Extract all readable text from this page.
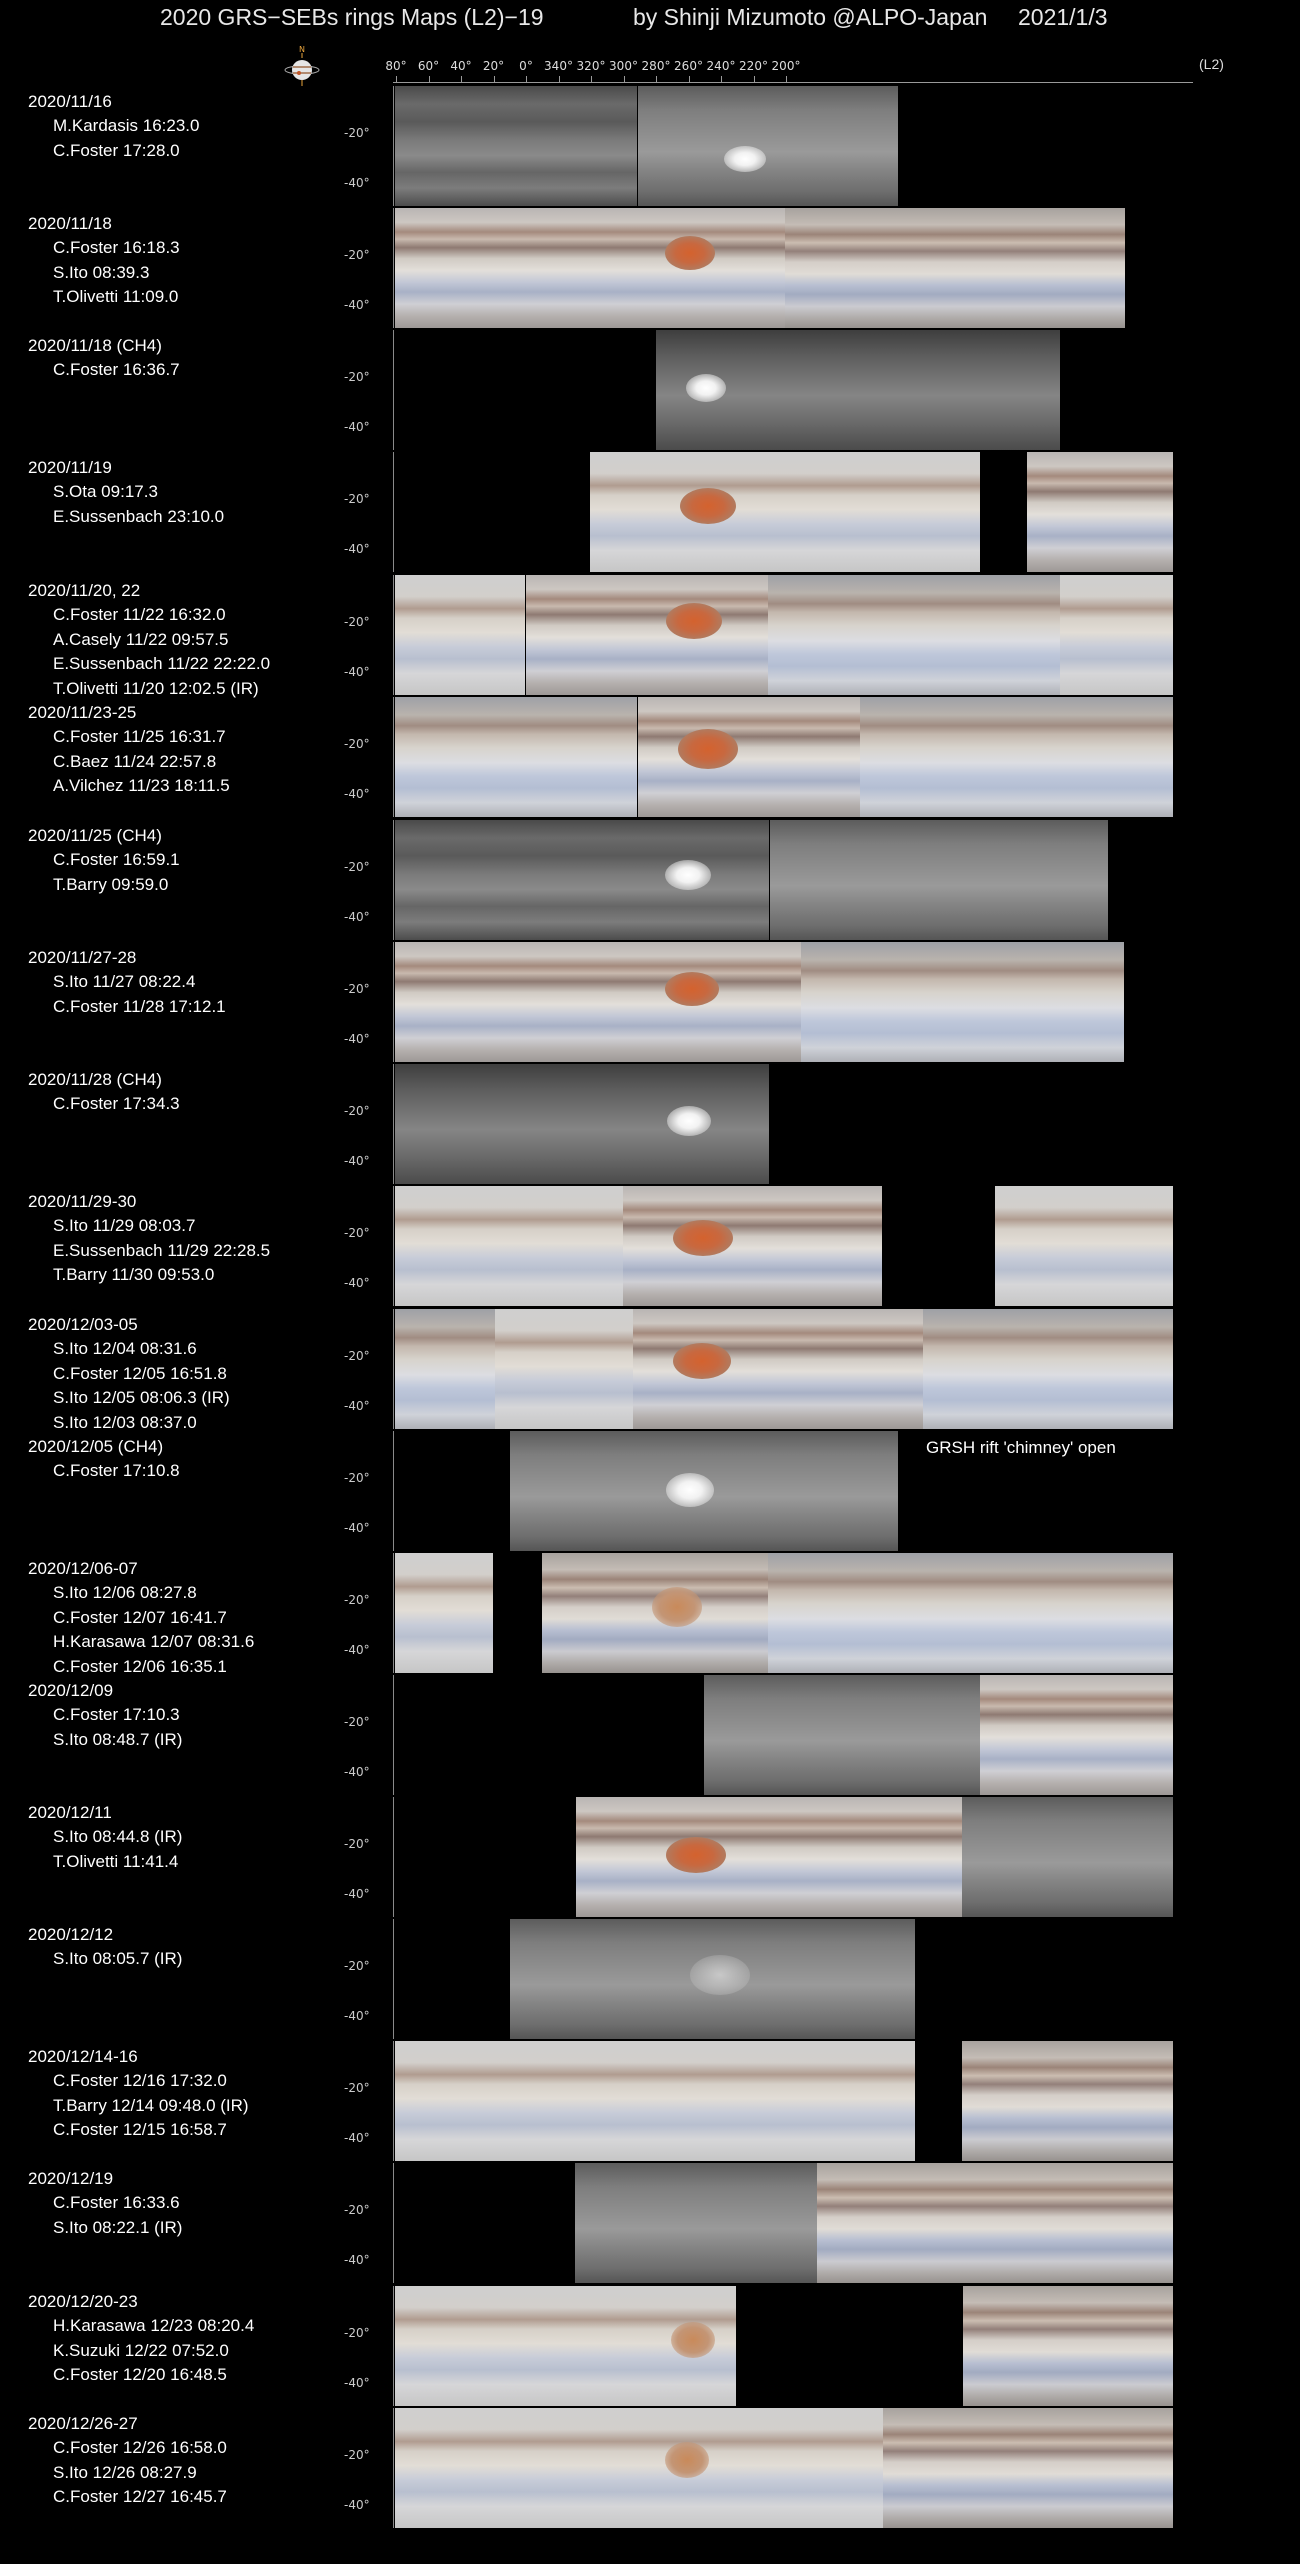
2020 GRS−SEBs rings Maps (L2)−19	by Shinji Mizumoto @ALPO-Japan 2021/1/3
N
80° 60° 40° 20° 0° 340° 320° 300° 280° 260° 240° 220° 200°	(L2)
2020/11/16
M.Kardasis 16:23.0
C.Foster 17:28.0
-20°
-40°
2020/11/18
C.Foster 16:18.3
S.Ito 08:39.3
T.Olivetti 11:09.0
-20°
-40°
2020/11/18 (CH4)
C.Foster 16:36.7	-20°
-40°
2020/11/19
S.Ota 09:17.3
E.Sussenbach 23:10.0
-20°
-40°
2020/11/20, 22
C.Foster 11/22 16:32.0
A.Casely 11/22 09:57.5
E.Sussenbach 11/22 22:22.0
T.Olivetti 11/20 12:02.5 (IR)
-20°
-40°
2020/11/23-25
C.Foster 11/25 16:31.7
C.Baez 11/24 22:57.8
A.Vilchez 11/23 18:11.5
-20°
-40°
2020/11/25 (CH4)
C.Foster 16:59.1
T.Barry 09:59.0
-20°
-40°
2020/11/27-28
S.Ito 11/27 08:22.4
C.Foster 11/28 17:12.1
-20°
-40°
2020/11/28 (CH4)
C.Foster 17:34.3	-20°
-40°
2020/11/29-30
S.Ito 11/29 08:03.7
E.Sussenbach 11/29 22:28.5
T.Barry 11/30 09:53.0
-20°
-40°
2020/12/03-05
S.Ito 12/04 08:31.6
C.Foster 12/05 16:51.8
S.Ito 12/05 08:06.3 (IR)
S.Ito 12/03 08:37.0
-20°
-40°
2020/12/05 (CH4)
C.Foster 17:10.8	-20°
-40°
2020/12/06-07
S.Ito 12/06 08:27.8
C.Foster 12/07 16:41.7
H.Karasawa 12/07 08:31.6
C.Foster 12/06 16:35.1
-20°
-40°
2020/12/09
C.Foster 17:10.3
S.Ito 08:48.7 (IR)
-20°
-40°
2020/12/11
S.Ito 08:44.8 (IR)
T.Olivetti 11:41.4
-20°
-40°
2020/12/12
S.Ito 08:05.7 (IR)	-20°
-40°
2020/12/14-16
C.Foster 12/16 17:32.0
T.Barry 12/14 09:48.0 (IR)
C.Foster 12/15 16:58.7
-20°
-40°
2020/12/19
C.Foster 16:33.6
S.Ito 08:22.1 (IR)
-20°
-40°
2020/12/20-23
H.Karasawa 12/23 08:20.4
K.Suzuki 12/22 07:52.0
C.Foster 12/20 16:48.5
-20°
-40°
2020/12/26-27
C.Foster 12/26 16:58.0
S.Ito 12/26 08:27.9
C.Foster 12/27 16:45.7
-20°
-40°
GRSH rift 'chimney' open
